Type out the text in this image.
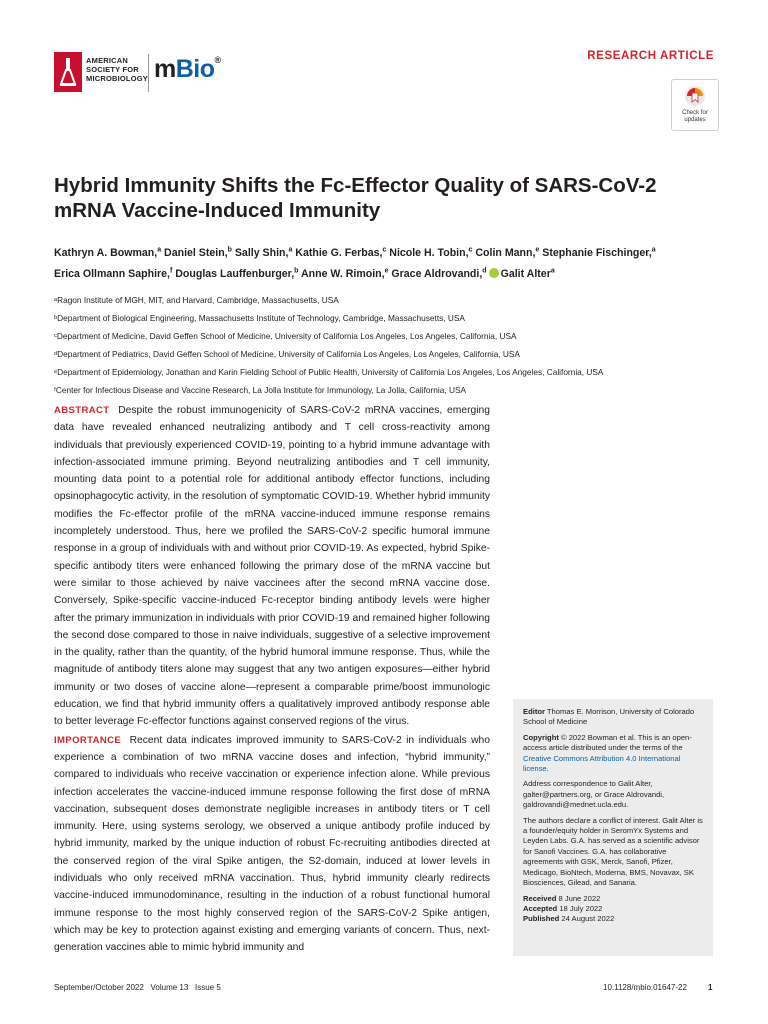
AMERICAN
SOCIETY FOR
MICROBIOLOGY mBio®	RESEARCH ARTICLE
Check for
updates
Hybrid Immunity Shifts the Fc-Effector Quality of SARS-CoV-2 mRNA Vaccine-Induced Immunity
Kathryn A. Bowman,$^a$ Daniel Stein,$^b$ Sally Shin,$^a$ Kathie G. Ferbas,$^c$ Nicole H. Tobin,$^c$ Colin Mann,$^e$ Stephanie Fischinger,$^a$
Erica Ollmann Saphire,$^f$ Douglas Lauffenburger,$^b$ Anne W. Rimoin,$^e$ Grace Aldrovandi,$^d$ Galit Alter$^a$
ᵃRagon Institute of MGH, MIT, and Harvard, Cambridge, Massachusetts, USA
ᵇDepartment of Biological Engineering, Massachusetts Institute of Technology, Cambridge, Massachusetts, USA
ᶜDepartment of Medicine, David Geffen School of Medicine, University of California Los Angeles, Los Angeles, California, USA
ᵈDepartment of Pediatrics, David Geffen School of Medicine, University of California Los Angeles, Los Angeles, California, USA
ᵉDepartment of Epidemiology, Jonathan and Karin Fielding School of Public Health, University of California Los Angeles, Los Angeles, California, USA
ᶠCenter for Infectious Disease and Vaccine Research, La Jolla Institute for Immunology, La Jolla, California, USA

ABSTRACT Despite the robust immunogenicity of SARS-CoV-2 mRNA vaccines, emerging data have revealed enhanced neutralizing antibody and T cell cross-reactivity among individuals that previously experienced COVID-19, pointing to a hybrid immune advantage with infection-associated immune priming. Beyond neutralizing antibodies and T cell immunity, mounting data point to a potential role for additional antibody effector functions, including opsinophagocytic activity, in the resolution of symptomatic COVID-19. Whether hybrid immunity modifies the Fc-effector profile of the mRNA vaccine-induced immune response remains incompletely understood. Thus, here we profiled the SARS-CoV-2 specific humoral immune response in a group of individuals with and without prior COVID-19. As expected, hybrid Spike-specific antibody titers were enhanced following the primary dose of the mRNA vaccine but were similar to those achieved by naive vaccinees after the second mRNA vaccine dose. Conversely, Spike-specific vaccine-induced Fc-receptor binding antibody levels were higher after the primary immunization in individuals with prior COVID-19 and remained higher following the second dose compared to those in naive individuals, suggestive of a selective improvement in the quality, rather than the quantity, of the hybrid humoral immune response. Thus, while the magnitude of antibody titers alone may suggest that any two antigen exposures—either hybrid immunity or two doses of vaccine alone—represent a comparable prime/boost immunologic education, we find that hybrid immunity offers a qualitatively improved antibody response able to better leverage Fc-effector functions against conserved regions of the virus.

IMPORTANCE Recent data indicates improved immunity to SARS-CoV-2 in individuals who experience a combination of two mRNA vaccine doses and infection, “hybrid immunity,” compared to individuals who receive vaccination or experience infection alone. While previous infection accelerates the vaccine-induced immune response following the first dose of mRNA vaccination, subsequent doses demonstrate negligible increases in antibody titers or T cell immunity. Here, using systems serology, we observed a unique antibody profile induced by hybrid immunity, marked by the unique induction of robust Fc-recruiting antibodies directed at the conserved region of the viral Spike antigen, the S2-domain, induced at lower levels in individuals who only received mRNA vaccination. Thus, hybrid immunity clearly redirects vaccine-induced immunodominance, resulting in the induction of a robust functional humoral immune response to the most highly conserved region of the SARS-CoV-2 Spike antigen, which may be key to protection against existing and emerging variants of concern. Thus, next-generation vaccines able to mimic hybrid immunity and

Editor Thomas E. Morrison, University of Colorado School of Medicine

Copyright © 2022 Bowman et al. This is an open-access article distributed under the terms of the Creative Commons Attribution 4.0 International license.

Address correspondence to Galit Alter, galter@partners.org, or Grace Aldrovandi, galdrovandi@mednet.ucla.edu.

The authors declare a conflict of interest. Galit Alter is a founder/equity holder in SeromYx Systems and Leyden Labs. G.A. has served as a scientific advisor for Sanofi Vaccines. G.A. has collaborative agreements with GSK, Merck, Sanofi, Pfizer, Medicago, BioNtech, Moderna, BMS, Novavax, SK Biosciences, Gilead, and Sanaria.

Received 8 June 2022
Accepted 18 July 2022
Published 24 August 2022
September/October 2022   Volume 13   Issue 5	10.1128/mbio.01647-22	1
